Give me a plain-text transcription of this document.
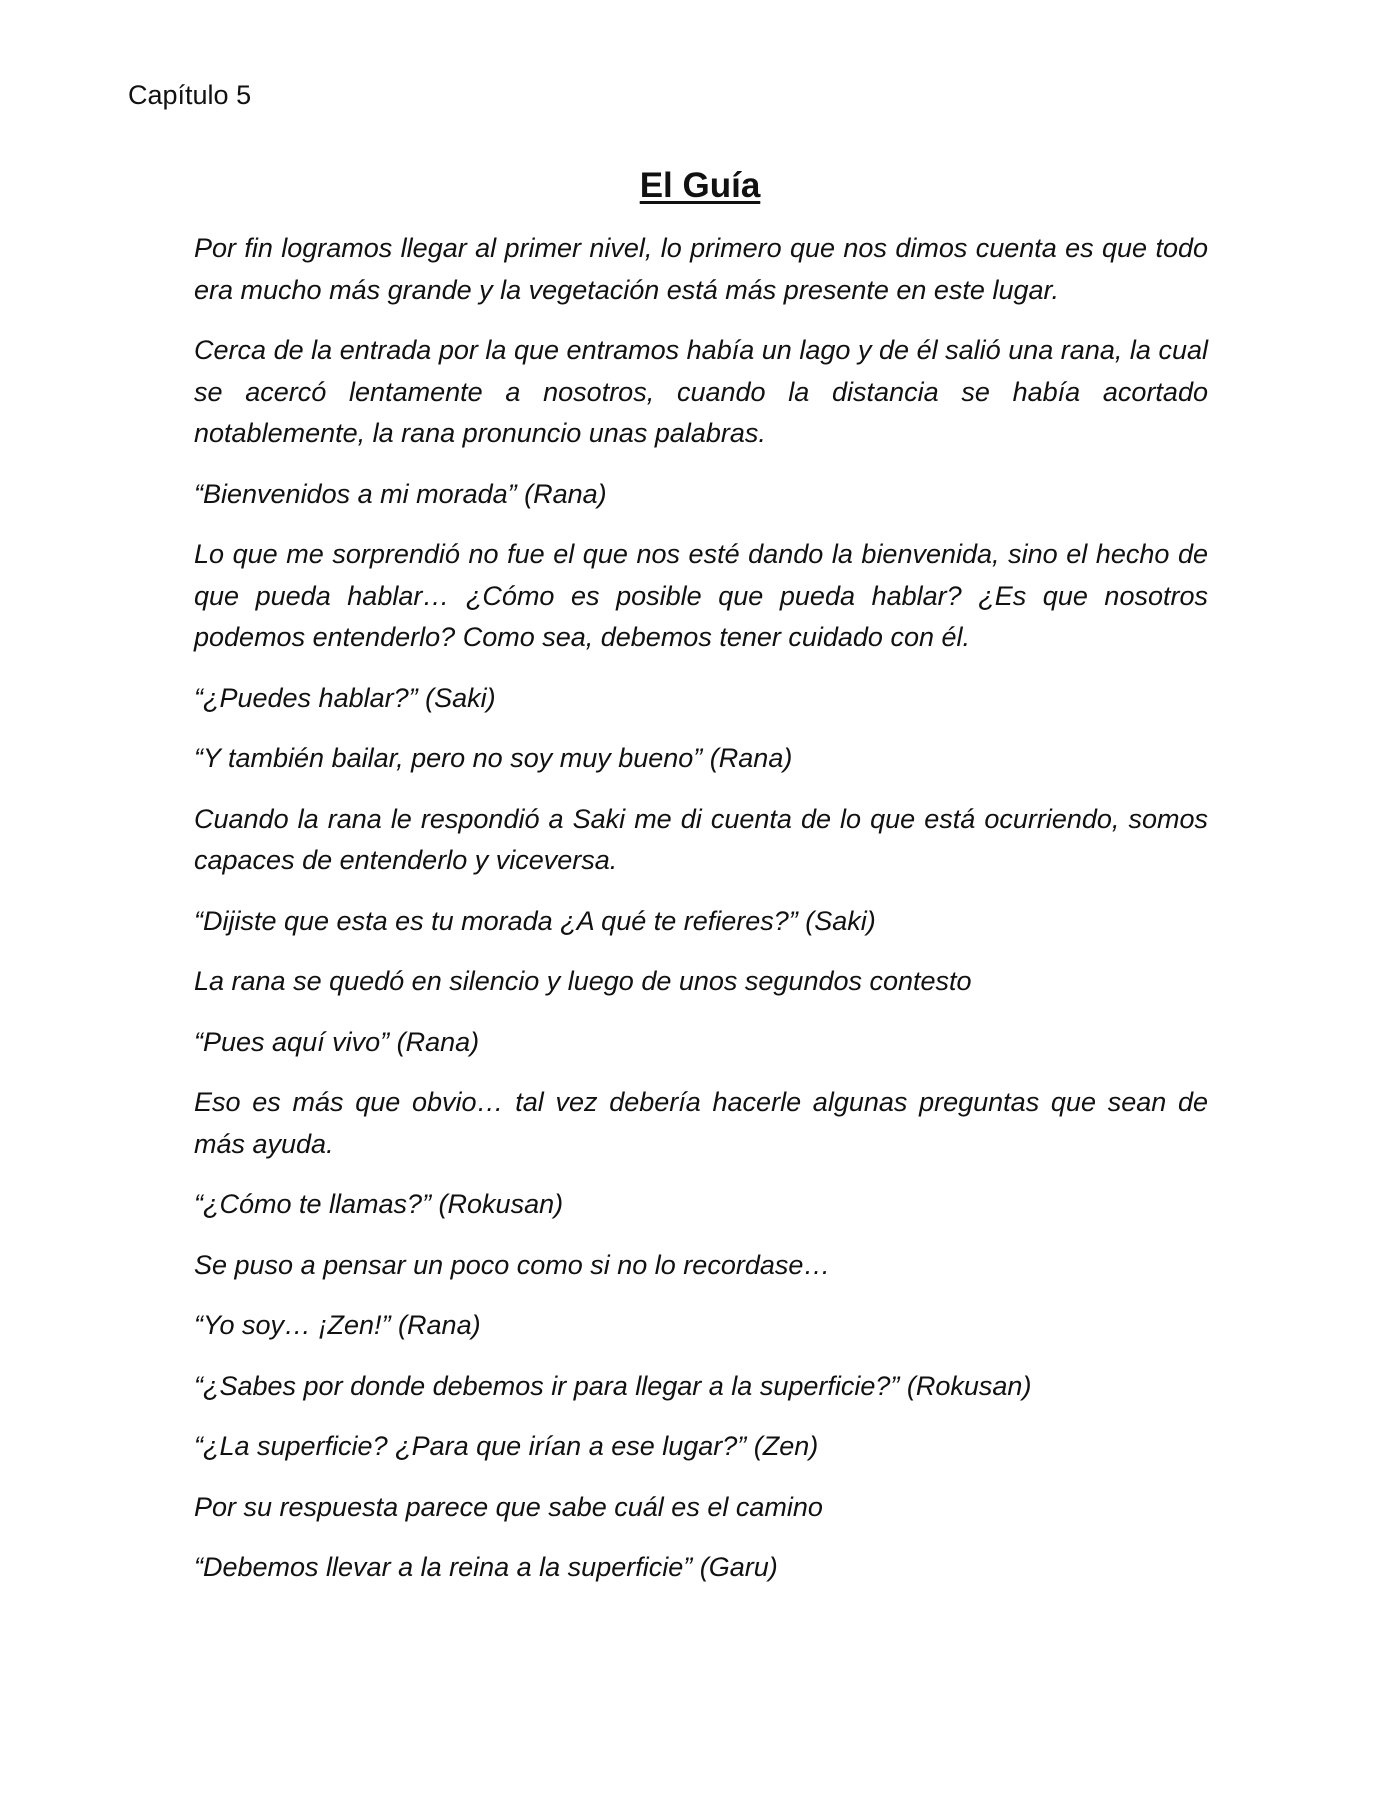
Capítulo 5
El Guía

Por fin logramos llegar al primer nivel, lo primero que nos dimos cuenta es que todo era mucho más grande y la vegetación está más presente en este lugar.

Cerca de la entrada por la que entramos había un lago y de él salió una rana, la cual se acercó lentamente a nosotros, cuando la distancia se había acortado notablemente, la rana pronuncio unas palabras.

“Bienvenidos a mi morada” (Rana)

Lo que me sorprendió no fue el que nos esté dando la bienvenida, sino el hecho de que pueda hablar… ¿Cómo es posible que pueda hablar? ¿Es que nosotros podemos entenderlo? Como sea, debemos tener cuidado con él.

“¿Puedes hablar?” (Saki)

“Y también bailar, pero no soy muy bueno” (Rana)

Cuando la rana le respondió a Saki me di cuenta de lo que está ocurriendo, somos capaces de entenderlo y viceversa.

“Dijiste que esta es tu morada ¿A qué te refieres?” (Saki)

La rana se quedó en silencio y luego de unos segundos contesto

“Pues aquí vivo” (Rana)

Eso es más que obvio… tal vez debería hacerle algunas preguntas que sean de más ayuda.

“¿Cómo te llamas?” (Rokusan)

Se puso a pensar un poco como si no lo recordase…

“Yo soy… ¡Zen!” (Rana)

“¿Sabes por donde debemos ir para llegar a la superficie?” (Rokusan)

“¿La superficie? ¿Para que irían a ese lugar?” (Zen)

Por su respuesta parece que sabe cuál es el camino

“Debemos llevar a la reina a la superficie” (Garu)
